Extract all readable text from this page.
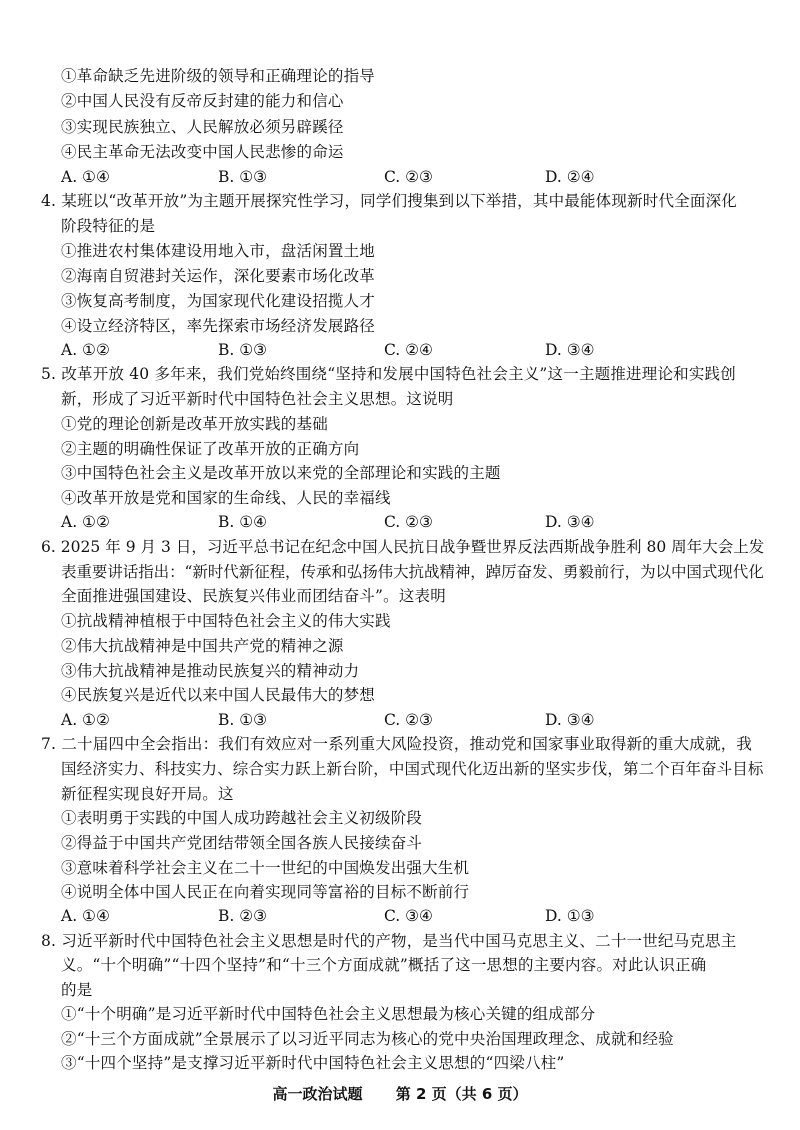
①革命缺乏先进阶级的领导和正确理论的指导
②中国人民没有反帝反封建的能力和信心
③实现民族独立、人民解放必须另辟蹊径
④民主革命无法改变中国人民悲惨的命运
A. ①④	B. ①③	C. ②③	D. ②④
4. 某班以“改革开放”为主题开展探究性学习，同学们搜集到以下举措，其中最能体现新时代全面深化
阶段特征的是
①推进农村集体建设用地入市，盘活闲置土地
②海南自贸港封关运作，深化要素市场化改革
③恢复高考制度，为国家现代化建设招揽人才
④设立经济特区，率先探索市场经济发展路径
A. ①②	B. ①③	C. ②④	D. ③④
5. 改革开放 40 多年来，我们党始终围绕“坚持和发展中国特色社会主义”这一主题推进理论和实践创
新，形成了习近平新时代中国特色社会主义思想。这说明
①党的理论创新是改革开放实践的基础
②主题的明确性保证了改革开放的正确方向
③中国特色社会主义是改革开放以来党的全部理论和实践的主题
④改革开放是党和国家的生命线、人民的幸福线
A. ①②	B. ①④	C. ②③	D. ③④
6. 2025 年 9 月 3 日，习近平总书记在纪念中国人民抗日战争暨世界反法西斯战争胜利 80 周年大会上发
表重要讲话指出：“新时代新征程，传承和弘扬伟大抗战精神，踔厉奋发、勇毅前行，为以中国式现代化
全面推进强国建设、民族复兴伟业而团结奋斗”。这表明
①抗战精神植根于中国特色社会主义的伟大实践
②伟大抗战精神是中国共产党的精神之源
③伟大抗战精神是推动民族复兴的精神动力
④民族复兴是近代以来中国人民最伟大的梦想
A. ①②	B. ①③	C. ②③	D. ③④
7. 二十届四中全会指出：我们有效应对一系列重大风险投资，推动党和国家事业取得新的重大成就，我
国经济实力、科技实力、综合实力跃上新台阶，中国式现代化迈出新的坚实步伐，第二个百年奋斗目标
新征程实现良好开局。这
①表明勇于实践的中国人成功跨越社会主义初级阶段
②得益于中国共产党团结带领全国各族人民接续奋斗
③意味着科学社会主义在二十一世纪的中国焕发出强大生机
④说明全体中国人民正在向着实现同等富裕的目标不断前行
A. ①④	B. ②③	C. ③④	D. ①③
8. 习近平新时代中国特色社会主义思想是时代的产物，是当代中国马克思主义、二十一世纪马克思主
义。“十个明确”“十四个坚持”和“十三个方面成就”概括了这一思想的主要内容。对此认识正确
的是
①“十个明确”是习近平新时代中国特色社会主义思想最为核心关键的组成部分
②“十三个方面成就”全景展示了以习近平同志为核心的党中央治国理政理念、成就和经验
③“十四个坚持”是支撑习近平新时代中国特色社会主义思想的“四梁八柱”
高一政治试题 第 2 页（共 6 页）
